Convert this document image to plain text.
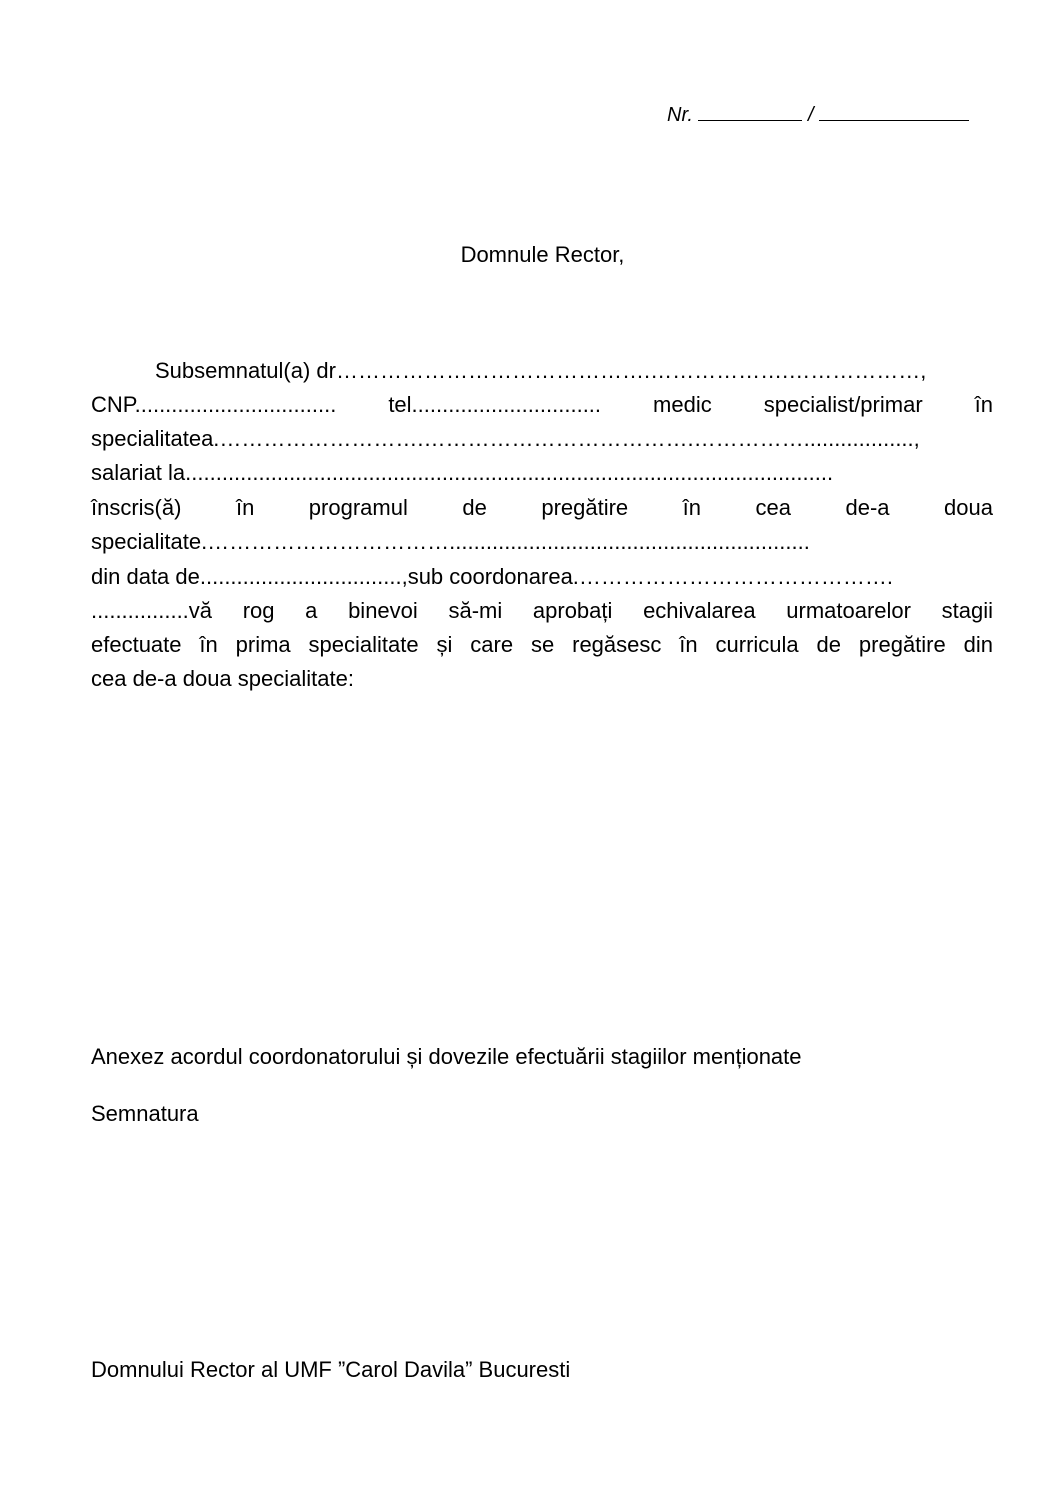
Nr.	/
Domnule Rector,
Subsemnatul(a) dr…………………………………….……………….………………,
CNP................................. tel............................... medic specialist/primar în
specialitatea.……………………….……………………………….……………..................,
salariat la..........................................................................................................
înscris(ă) în programul de pregătire în cea de-a doua
specialitate.……………………………...........................................................
din data de.................................,sub coordonarea.…………………………………….
................vă rog a binevoi să-mi aprobați echivalarea urmatoarelor stagii
efectuate în prima specialitate și care se regăsesc în curricula de pregătire din
cea de-a doua specialitate:
Anexez acordul coordonatorului și dovezile efectuării stagiilor menționate
Semnatura
Domnului Rector al UMF ”Carol Davila” Bucuresti
